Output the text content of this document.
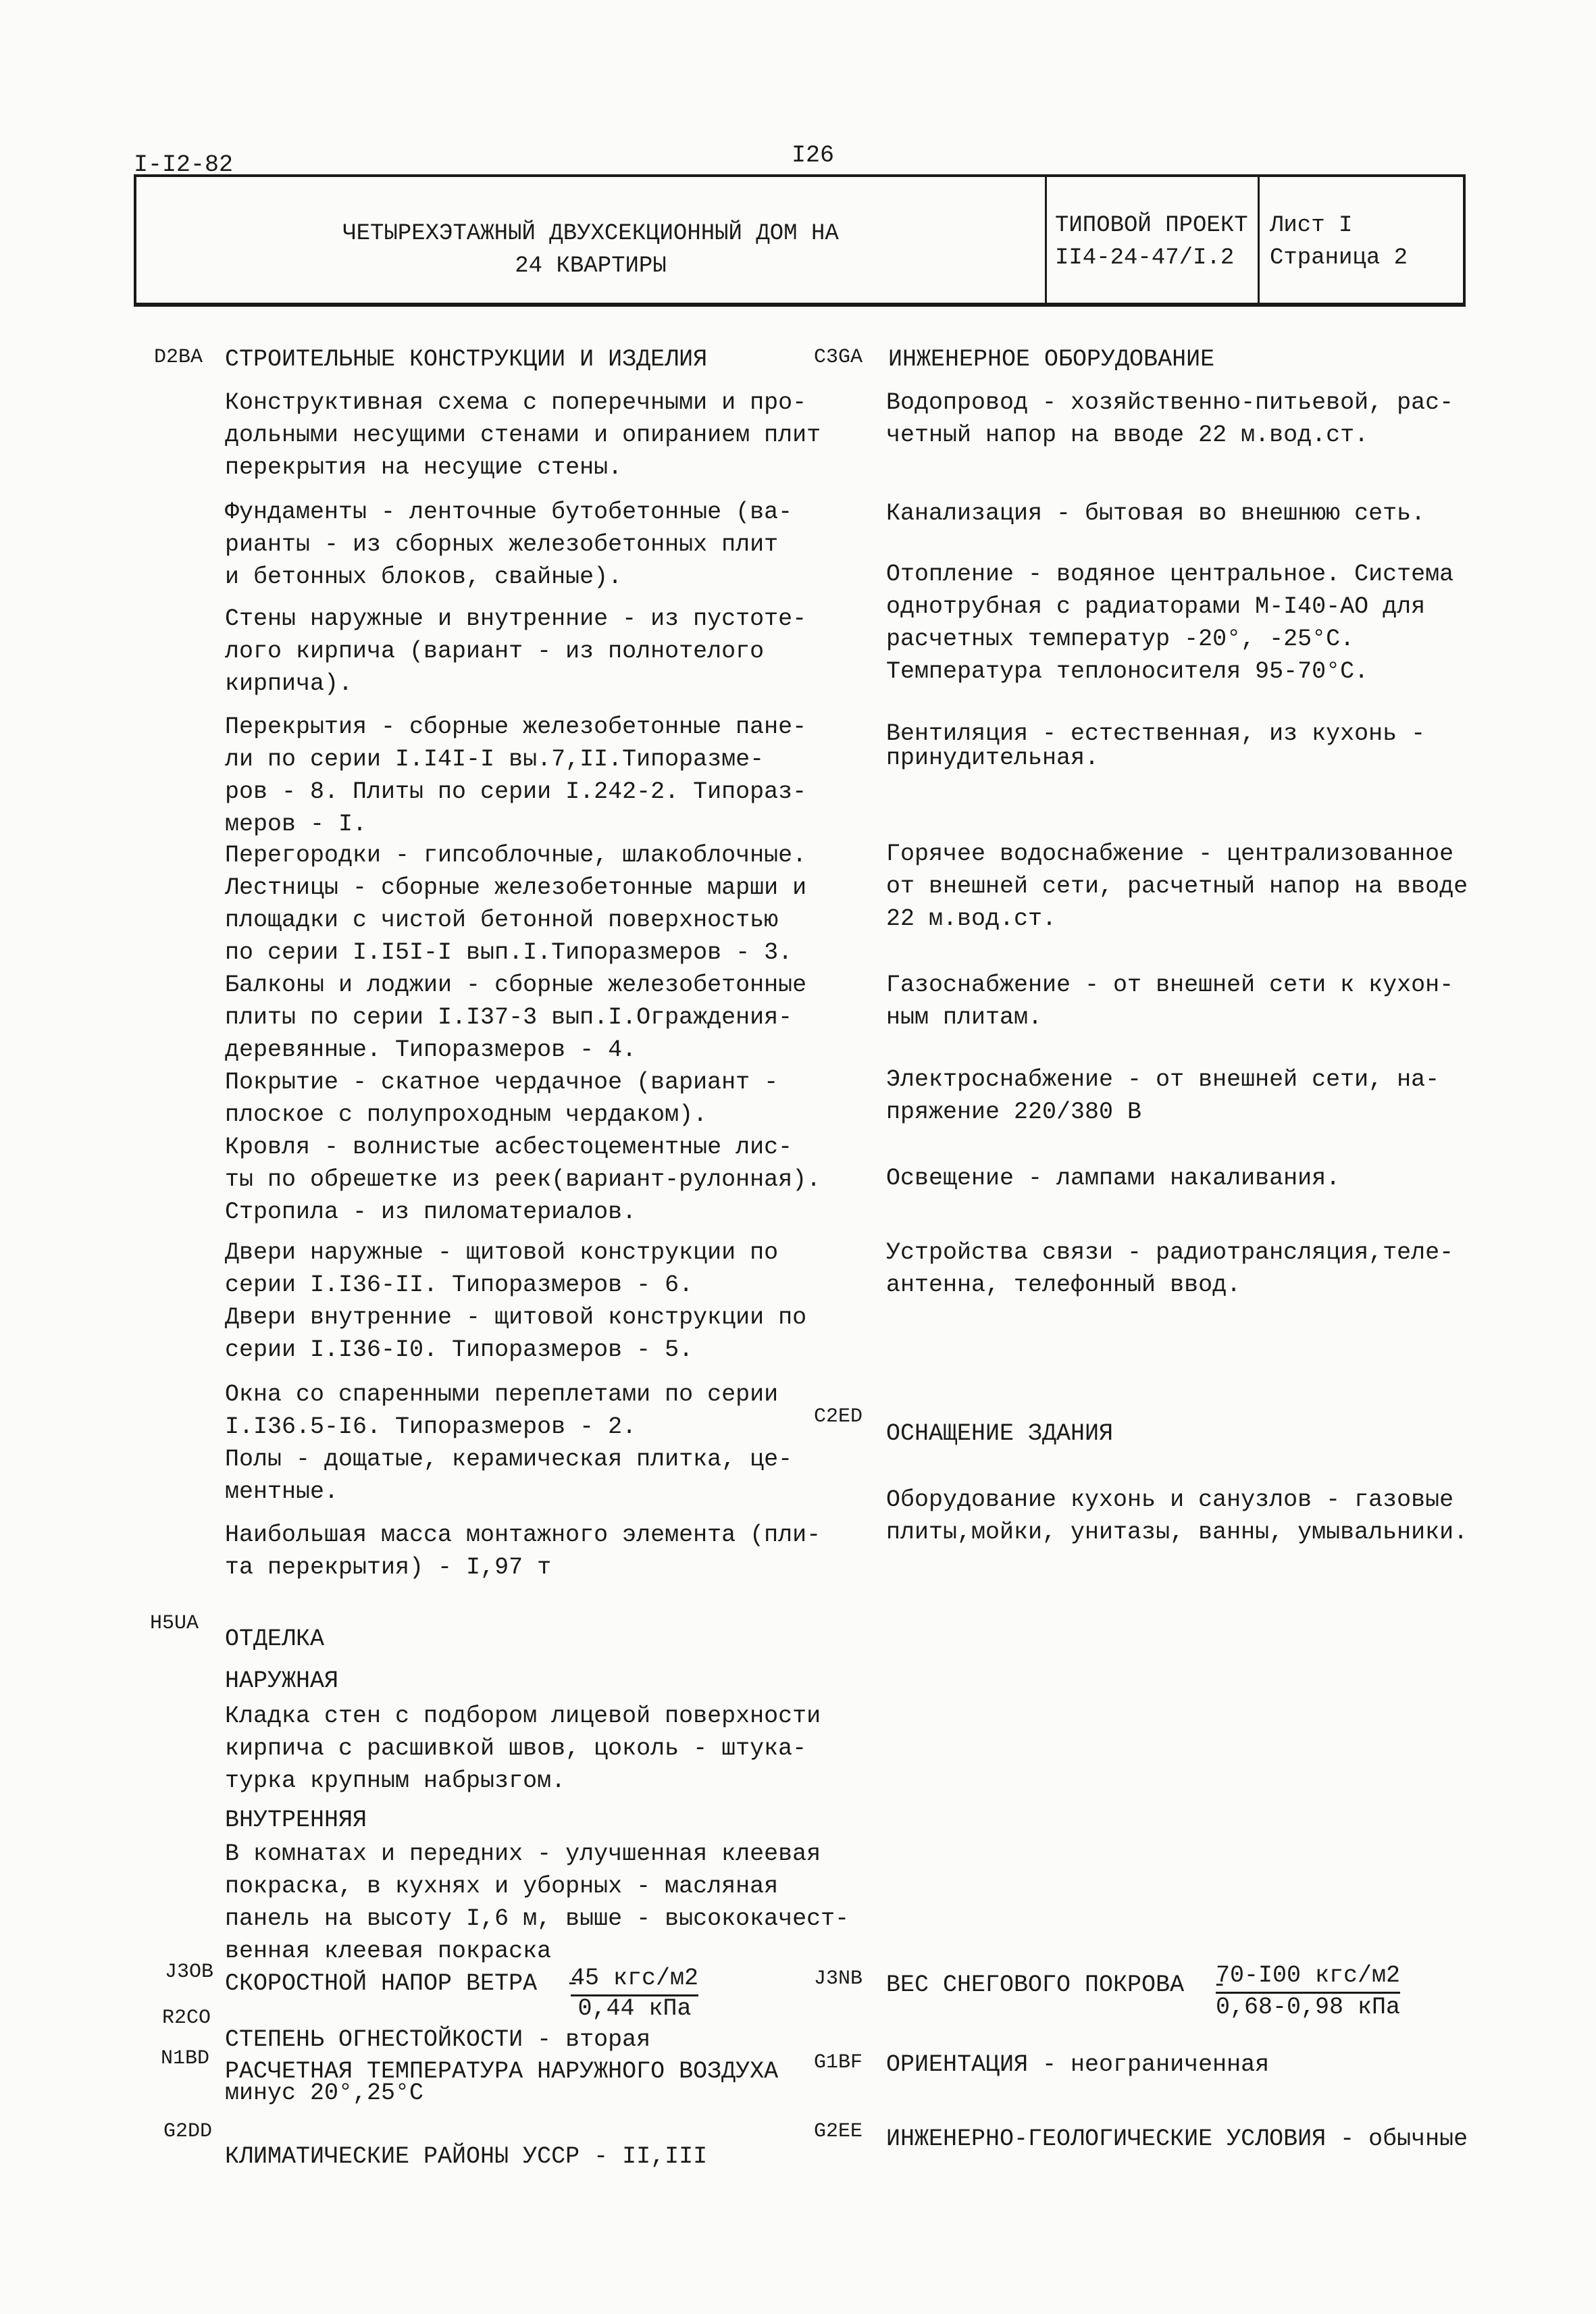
I-I2-82	I26
ЧЕТЫРЕХЭТАЖНЫЙ ДВУХСЕКЦИОННЫЙ ДОМ НА
24 КВАРТИРЫ
ТИПОВОЙ ПРОЕКТ
II4-24-47/I.2
Лист I
Страница 2
D2BA СТРОИТЕЛЬНЫЕ КОНСТРУКЦИИ И ИЗДЕЛИЯ
Конструктивная схема с поперечными и про-
дольными несущими стенами и опиранием плит
перекрытия на несущие стены.
Фундаменты - ленточные бутобетонные (ва-
рианты - из сборных железобетонных плит
и бетонных блоков, свайные).
Стены наружные и внутренние - из пустоте-
лого кирпича (вариант - из полнотелого
кирпича).
Перекрытия - сборные железобетонные пане-
ли по серии I.I4I-I вы.7,II.Типоразме-
ров - 8. Плиты по серии I.242-2. Типораз-
меров - I.
Перегородки - гипсоблочные, шлакоблочные.
Лестницы - сборные железобетонные марши и
площадки с чистой бетонной поверхностью
по серии I.I5I-I вып.I.Типоразмеров - 3.
Балконы и лоджии - сборные железобетонные
плиты по серии I.I37-3 вып.I.Ограждения-
деревянные. Типоразмеров - 4.
Покрытие - скатное чердачное (вариант -
плоское с полупроходным чердаком).
Кровля - волнистые асбестоцементные лис-
ты по обрешетке из реек(вариант-рулонная).
Стропила - из пиломатериалов.
Двери наружные - щитовой конструкции по
серии I.I36-II. Типоразмеров - 6.
Двери внутренние - щитовой конструкции по
серии I.I36-I0. Типоразмеров - 5.
Окна со спаренными переплетами по серии
I.I36.5-I6. Типоразмеров - 2.
Полы - дощатые, керамическая плитка, це-
ментные.
Наибольшая масса монтажного элемента (пли-
та перекрытия) - I,97 т
H5UA
ОТДЕЛКА
НАРУЖНАЯ
Кладка стен с подбором лицевой поверхности
кирпича с расшивкой швов, цоколь - штука-
турка крупным набрызгом.
ВНУТРЕННЯЯ
В комнатах и передних - улучшенная клеевая
покраска, в кухнях и уборных - масляная
панель на высоту I,6 м, выше - высококачест-
венная клеевая покраска
C3GA ИНЖЕНЕРНОЕ ОБОРУДОВАНИЕ
Водопровод - хозяйственно-питьевой, рас-
четный напор на вводе 22 м.вод.ст.
Канализация - бытовая во внешнюю сеть.
Отопление - водяное центральное. Система
однотрубная с радиаторами М-I40-АО для
расчетных температур -20°, -25°С.
Температура теплоносителя 95-70°С.
Вентиляция - естественная, из кухонь -
принудительная.
Горячее водоснабжение - централизованное
от внешней сети, расчетный напор на вводе
22 м.вод.ст.
Газоснабжение - от внешней сети к кухон-
ным плитам.
Электроснабжение - от внешней сети, на-
пряжение 220/380 В
Освещение - лампами накаливания.
Устройства связи - радиотрансляция,теле-
антенна, телефонный ввод.
C2ED
ОСНАЩЕНИЕ ЗДАНИЯ
Оборудование кухонь и санузлов - газовые
плиты,мойки, унитазы, ванны, умывальники.
J3OB СКОРОСТНОЙ НАПОР ВЕТРА  -
45 кгс/м2
0,44 кПа
R2CO
СТЕПЕНЬ ОГНЕСТОЙКОСТИ - вторая
N1BD РАСЧЕТНАЯ ТЕМПЕРАТУРА НАРУЖНОГО ВОЗДУХА
минус 20°,25°С
G2DD
КЛИМАТИЧЕСКИЕ РАЙОНЫ УССР - II,III
J3NB ВЕС СНЕГОВОГО ПОКРОВА  -
70-I00 кгс/м2
0,68-0,98 кПа
G1BF ОРИЕНТАЦИЯ - неограниченная
G2EE ИНЖЕНЕРНО-ГЕОЛОГИЧЕСКИЕ УСЛОВИЯ - обычные
